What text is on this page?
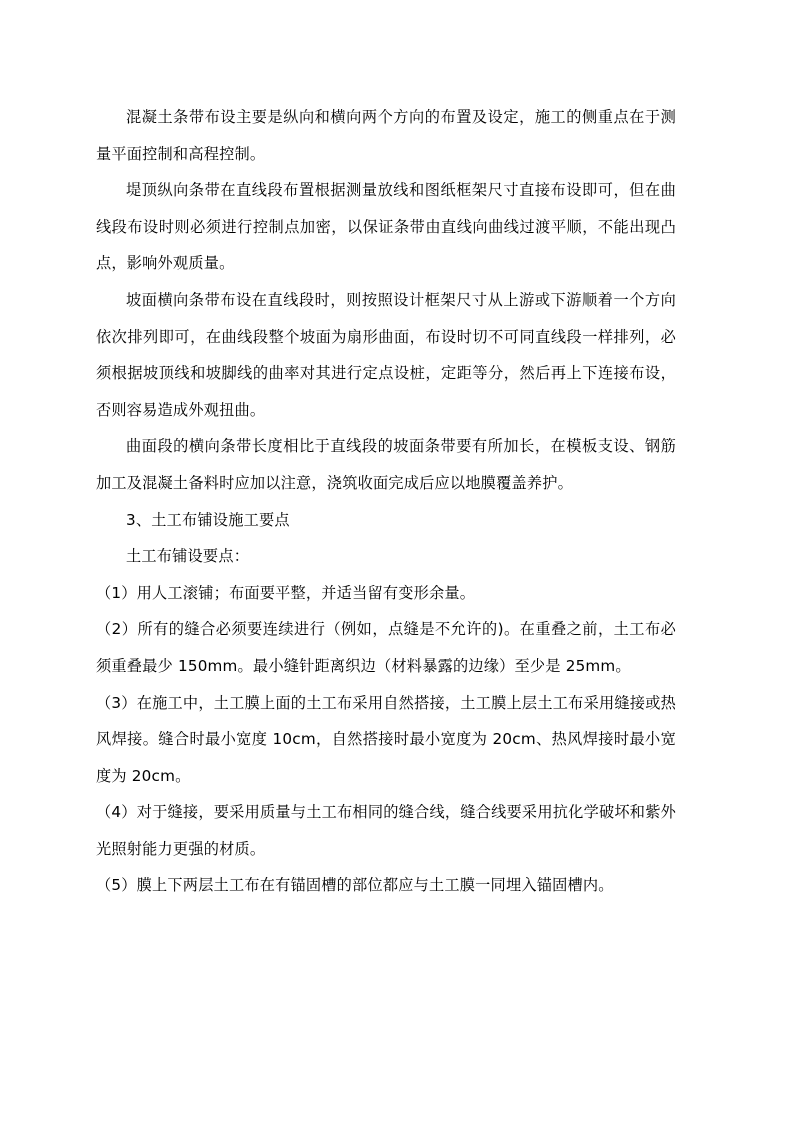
混凝土条带布设主要是纵向和横向两个方向的布置及设定，施工的侧重点在于测量平面控制和高程控制。

堤顶纵向条带在直线段布置根据测量放线和图纸框架尺寸直接布设即可，但在曲线段布设时则必须进行控制点加密，以保证条带由直线向曲线过渡平顺，不能出现凸点，影响外观质量。

坡面横向条带布设在直线段时，则按照设计框架尺寸从上游或下游顺着一个方向依次排列即可，在曲线段整个坡面为扇形曲面，布设时切不可同直线段一样排列，必须根据坡顶线和坡脚线的曲率对其进行定点设桩，定距等分，然后再上下连接布设，否则容易造成外观扭曲。

曲面段的横向条带长度相比于直线段的坡面条带要有所加长，在模板支设、钢筋加工及混凝土备料时应加以注意，浇筑收面完成后应以地膜覆盖养护。

3、土工布铺设施工要点

土工布铺设要点：

（1）用人工滚铺；布面要平整，并适当留有变形余量。

（2）所有的缝合必须要连续进行（例如，点缝是不允许的)。在重叠之前，土工布必须重叠最少 150mm。最小缝针距离织边（材料暴露的边缘）至少是 25mm。

（3）在施工中，土工膜上面的土工布采用自然搭接，土工膜上层土工布采用缝接或热风焊接。缝合时最小宽度 10cm，自然搭接时最小宽度为 20cm、热风焊接时最小宽度为 20cm。

（4）对于缝接，要采用质量与土工布相同的缝合线，缝合线要采用抗化学破坏和紫外光照射能力更强的材质。

（5）膜上下两层土工布在有锚固槽的部位都应与土工膜一同埋入锚固槽内。
